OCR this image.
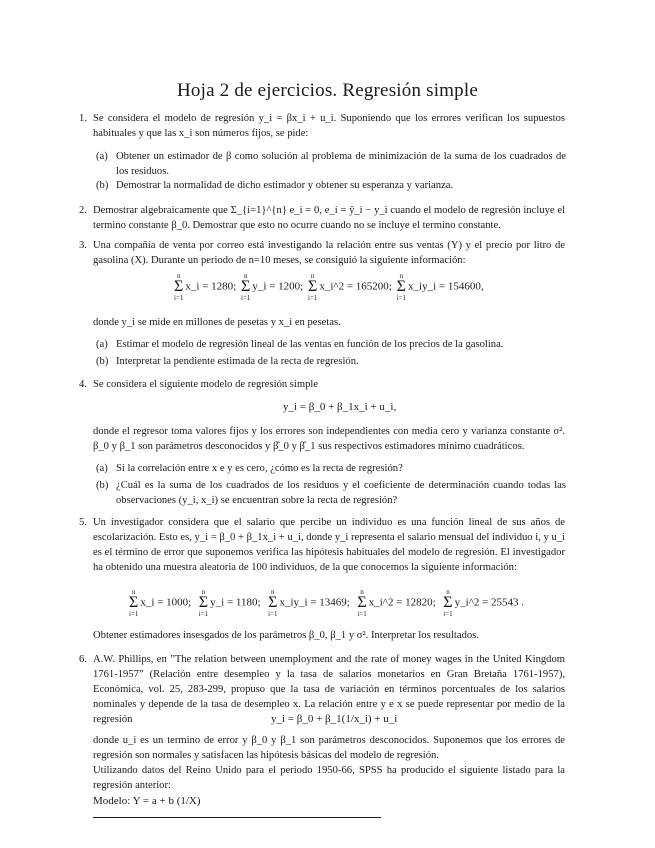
Hoja 2 de ejercicios. Regresión simple
1. Se considera el modelo de regresión y_i = βx_i + u_i. Suponiendo que los errores verifican los supuestos habituales y que las x_i son números fijos, se pide:

(a) Obtener un estimador de β como solución al problema de minimización de la suma de los cuadrados de los residuos.

(b) Demostrar la normalidad de dicho estimador y obtener su esperanza y varianza.

2. Demostrar algebraicamente que Σ_{i=1}^{n} e_i = 0, e_i = ŷ_i − y_i cuando el modelo de regresión incluye el termino constante β_0. Demostrar que esto no ocurre cuando no se incluye el termino constante.

3. Una compañía de venta por correo está investigando la relación entre sus ventas (Y) y el precio por litro de gasolina (X). Durante un periodo de n=10 meses, se consiguió la siguiente información:

n
Σ
i=1
x_i = 1280;
n
Σ
i=1
y_i = 1200;
n
Σ
i=1
x_i^2 = 165200;
n
Σ
i=1
x_iy_i = 154600,

donde y_i se mide en millones de pesetas y x_i en pesetas.

(a) Estimar el modelo de regresión lineal de las ventas en función de los precios de la gasolina.

(b) Interpretar la pendiente estimada de la recta de regresión.

4. Se considera el siguiente modelo de regresión simple

y_i = β_0 + β_1x_i + u_i,

donde el regresor toma valores fijos y los errores son independientes con media cero y varianza constante σ². β_0 y β_1 son parámetros desconocidos y β̂_0 y β̂_1 sus respectivos estimadores mínimo cuadráticos.

(a) Si la correlación entre x e y es cero, ¿cómo es la recta de regresión?

(b) ¿Cuál es la suma de los cuadrados de los residuos y el coeficiente de determinación cuando todas las observaciones (y_i, x_i) se encuentran sobre la recta de regresión?

5. Un investigador considera que el salario que percibe un individuo es una función lineal de sus años de escolarización. Esto es, y_i = β_0 + β_1x_i + u_i, donde y_i representa el salario mensual del individuo i, y u_i es el término de error que suponemos verifica las hipótesis habituales del modelo de regresión. El investigador ha obtenido una muestra aleatoria de 100 individuos, de la que conocemos la siguiente información:

n
Σ
i=1
x_i = 1000;
n
Σ
i=1
y_i = 1180;
n
Σ
i=1
x_iy_i = 13469;
n
Σ
i=1
x_i^2 = 12820;
n
Σ
i=1
y_i^2 = 25543 .

Obtener estimadores insesgados de los parámetros β_0, β_1 y σ². Interpretar los resultados.

6. A.W. Phillips, en ”The relation between unemployment and the rate of money wages in the United Kingdom 1761-1957” (Relación entre desempleo y la tasa de salarios monetarios en Gran Bretaña 1761-1957), Económica, vol. 25, 283-299, propuso que la tasa de variación en términos porcentuales de los salarios nominales y depende de la tasa de desempleo x. La relación entre y e x se puede representar por medio de la regresión	y_i = β_0 + β_1(1/x_i) + u_i

donde u_i es un termino de error y β_0 y β_1 son parámetros desconocidos. Suponemos que los errores de regresión son normales y satisfacen las hipótesis básicas del modelo de regresión.

Utilizando datos del Reino Unido para el periodo 1950-66, SPSS ha producido el siguiente listado para la regresión anterior:

Modelo: Y = a + b (1/X)
